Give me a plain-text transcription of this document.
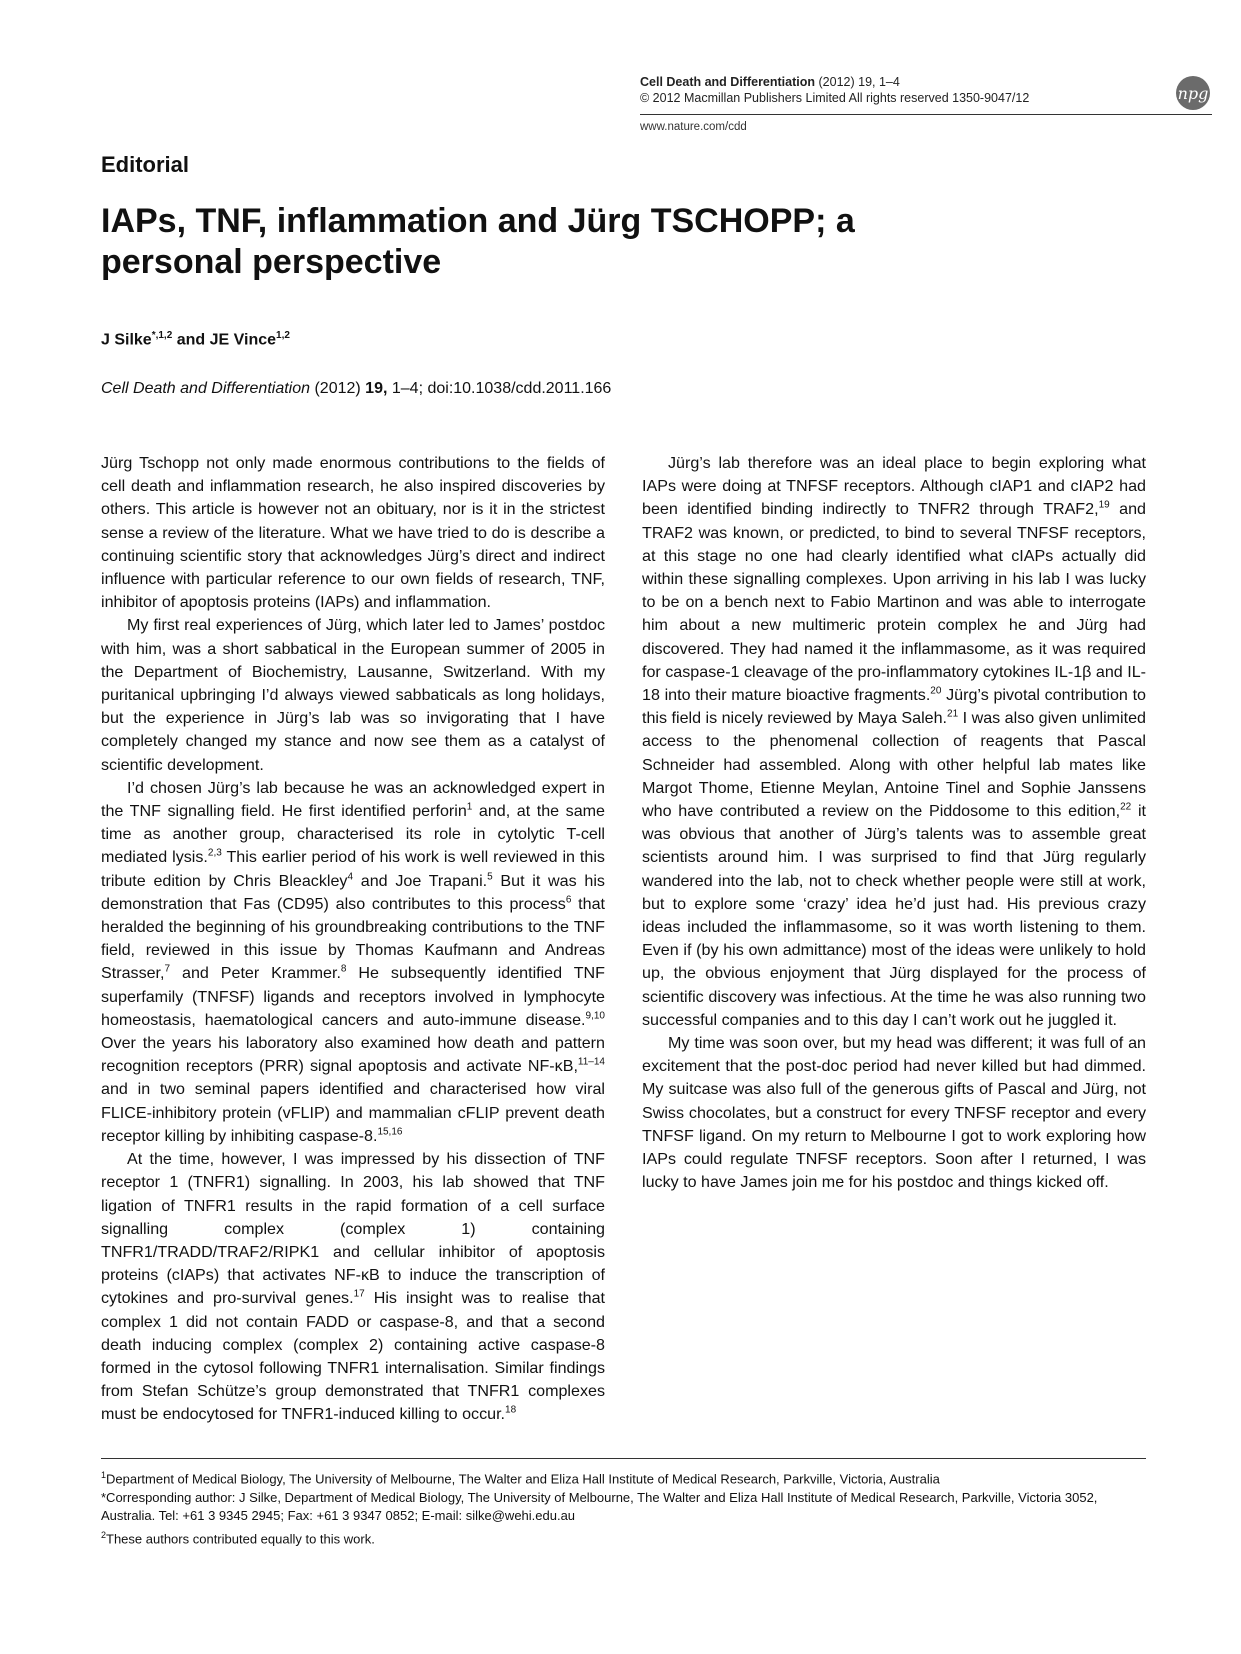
Cell Death and Differentiation (2012) 19, 1–4
© 2012 Macmillan Publishers Limited All rights reserved 1350-9047/12
www.nature.com/cdd
npg
Editorial
IAPs, TNF, inflammation and Jürg TSCHOPP; a personal perspective
J Silke$^{*,1,2}$ and JE Vince$^{1,2}$
Cell Death and Differentiation (2012) 19, 1–4; doi:10.1038/cdd.2011.166

Jürg Tschopp not only made enormous contributions to the fields of cell death and inflammation research, he also inspired discoveries by others. This article is however not an obituary, nor is it in the strictest sense a review of the literature. What we have tried to do is describe a continuing scientific story that acknowledges Jürg’s direct and indirect influence with particular reference to our own fields of research, TNF, inhibitor of apoptosis proteins (IAPs) and inflammation.

My first real experiences of Jürg, which later led to James’ postdoc with him, was a short sabbatical in the European summer of 2005 in the Department of Biochemistry, Lausanne, Switzerland. With my puritanical upbringing I’d always viewed sabbaticals as long holidays, but the experience in Jürg’s lab was so invigorating that I have completely changed my stance and now see them as a catalyst of scientific development.

I’d chosen Jürg’s lab because he was an acknowledged expert in the TNF signalling field. He first identified perforin$^1$ and, at the same time as another group, characterised its role in cytolytic T-cell mediated lysis.$^{2,3}$ This earlier period of his work is well reviewed in this tribute edition by Chris Bleackley$^4$ and Joe Trapani.$^5$ But it was his demonstration that Fas (CD95) also contributes to this process$^6$ that heralded the beginning of his groundbreaking contributions to the TNF field, reviewed in this issue by Thomas Kaufmann and Andreas Strasser,$^7$ and Peter Krammer.$^8$ He subsequently identified TNF superfamily (TNFSF) ligands and receptors involved in lymphocyte homeostasis, haematological cancers and auto-immune disease.$^{9,10}$ Over the years his laboratory also examined how death and pattern recognition receptors (PRR) signal apoptosis and activate NF-κB,$^{11-14}$ and in two seminal papers identified and characterised how viral FLICE-inhibitory protein (vFLIP) and mammalian cFLIP prevent death receptor killing by inhibiting caspase-8.$^{15,16}$

At the time, however, I was impressed by his dissection of TNF receptor 1 (TNFR1) signalling. In 2003, his lab showed that TNF ligation of TNFR1 results in the rapid formation of a cell surface signalling complex (complex 1) containing TNFR1/TRADD/TRAF2/RIPK1 and cellular inhibitor of apoptosis proteins (cIAPs) that activates NF-κB to induce the transcription of cytokines and pro-survival genes.$^{17}$ His insight was to realise that complex 1 did not contain FADD or caspase-8, and that a second death inducing complex (complex 2) containing active caspase-8 formed in the cytosol following TNFR1 internalisation. Similar findings from Stefan Schütze’s group demonstrated that TNFR1 complexes must be endocytosed for TNFR1-induced killing to occur.$^{18}$

Jürg’s lab therefore was an ideal place to begin exploring what IAPs were doing at TNFSF receptors. Although cIAP1 and cIAP2 had been identified binding indirectly to TNFR2 through TRAF2,19 and TRAF2 was known, or predicted, to bind to several TNFSF receptors, at this stage no one had clearly identified what cIAPs actually did within these signalling complexes. Upon arriving in his lab I was lucky to be on a bench next to Fabio Martinon and was able to interrogate him about a new multimeric protein complex he and Jürg had discovered. They had named it the inflammasome, as it was required for caspase-1 cleavage of the pro-inflammatory cytokines IL-1β and IL-18 into their mature bioactive fragments.$^{20}$ Jürg’s pivotal contribution to this field is nicely reviewed by Maya Saleh.$^{21}$ I was also given unlimited access to the phenomenal collection of reagents that Pascal Schneider had assembled. Along with other helpful lab mates like Margot Thome, Etienne Meylan, Antoine Tinel and Sophie Janssens who have contributed a review on the Piddosome to this edition,$^{22}$ it was obvious that another of Jürg’s talents was to assemble great scientists around him. I was surprised to find that Jürg regularly wandered into the lab, not to check whether people were still at work, but to explore some ‘crazy’ idea he’d just had. His previous crazy ideas included the inflammasome, so it was worth listening to them. Even if (by his own admittance) most of the ideas were unlikely to hold up, the obvious enjoyment that Jürg displayed for the process of scientific discovery was infectious. At the time he was also running two successful companies and to this day I can’t work out he juggled it.

My time was soon over, but my head was different; it was full of an excitement that the post-doc period had never killed but had dimmed. My suitcase was also full of the generous gifts of Pascal and Jürg, not Swiss chocolates, but a construct for every TNFSF receptor and every TNFSF ligand. On my return to Melbourne I got to work exploring how IAPs could regulate TNFSF receptors. Soon after I returned, I was lucky to have James join me for his postdoc and things kicked off.

$^1$Department of Medical Biology, The University of Melbourne, The Walter and Eliza Hall Institute of Medical Research, Parkville, Victoria, Australia

*Corresponding author: J Silke, Department of Medical Biology, The University of Melbourne, The Walter and Eliza Hall Institute of Medical Research, Parkville, Victoria 3052, Australia. Tel: +61 3 9345 2945; Fax: +61 3 9347 0852; E-mail: silke@wehi.edu.au

$^2$These authors contributed equally to this work.
